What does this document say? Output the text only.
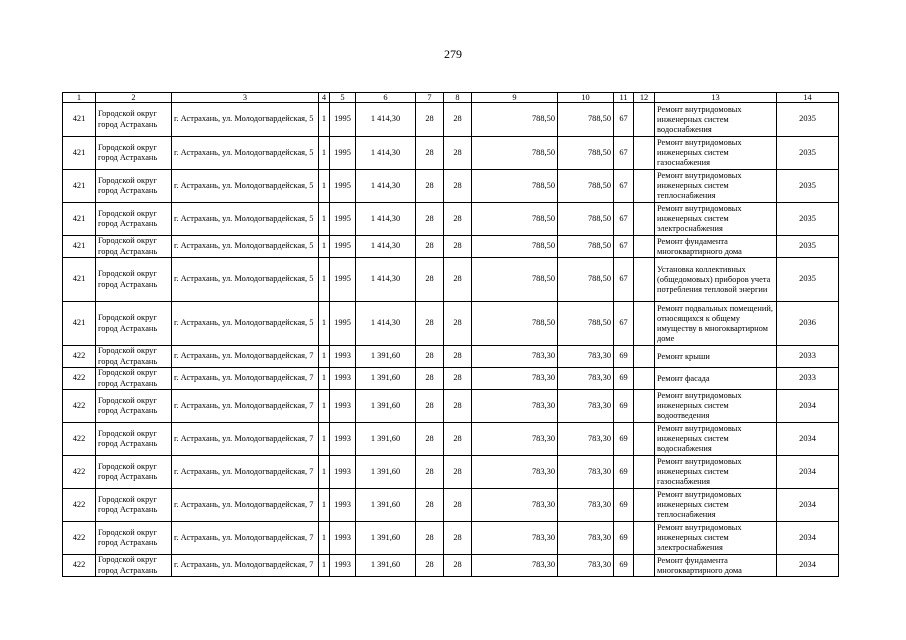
279
1	2	3	4	5	6	7	8	9	10	11	12	13	14
421	Городской округ город Астрахань	г. Астрахань, ул. Молодогвардейская, 5	1	1995	1 414,30	28	28	788,50	788,50	67		Ремонт внутридомовых инженерных систем водоснабжения	2035
421	Городской округ город Астрахань	г. Астрахань, ул. Молодогвардейская, 5	1	1995	1 414,30	28	28	788,50	788,50	67		Ремонт внутридомовых инженерных систем газоснабжения	2035
421	Городской округ город Астрахань	г. Астрахань, ул. Молодогвардейская, 5	1	1995	1 414,30	28	28	788,50	788,50	67		Ремонт внутридомовых инженерных систем теплоснабжения	2035
421	Городской округ город Астрахань	г. Астрахань, ул. Молодогвардейская, 5	1	1995	1 414,30	28	28	788,50	788,50	67		Ремонт внутридомовых инженерных систем электроснабжения	2035
421	Городской округ город Астрахань	г. Астрахань, ул. Молодогвардейская, 5	1	1995	1 414,30	28	28	788,50	788,50	67		Ремонт фундамента многоквартирного дома	2035
421	Городской округ город Астрахань	г. Астрахань, ул. Молодогвардейская, 5	1	1995	1 414,30	28	28	788,50	788,50	67		Установка коллективных (общедомовых) приборов учета потребления тепловой энергии	2035
421	Городской округ город Астрахань	г. Астрахань, ул. Молодогвардейская, 5	1	1995	1 414,30	28	28	788,50	788,50	67		Ремонт подвальных помещений, относящихся к общему имуществу в многоквартирном доме	2036
422	Городской округ город Астрахань	г. Астрахань, ул. Молодогвардейская, 7	1	1993	1 391,60	28	28	783,30	783,30	69		Ремонт крыши	2033
422	Городской округ город Астрахань	г. Астрахань, ул. Молодогвардейская, 7	1	1993	1 391,60	28	28	783,30	783,30	69		Ремонт фасада	2033
422	Городской округ город Астрахань	г. Астрахань, ул. Молодогвардейская, 7	1	1993	1 391,60	28	28	783,30	783,30	69		Ремонт внутридомовых инженерных систем водоотведения	2034
422	Городской округ город Астрахань	г. Астрахань, ул. Молодогвардейская, 7	1	1993	1 391,60	28	28	783,30	783,30	69		Ремонт внутридомовых инженерных систем водоснабжения	2034
422	Городской округ город Астрахань	г. Астрахань, ул. Молодогвардейская, 7	1	1993	1 391,60	28	28	783,30	783,30	69		Ремонт внутридомовых инженерных систем газоснабжения	2034
422	Городской округ город Астрахань	г. Астрахань, ул. Молодогвардейская, 7	1	1993	1 391,60	28	28	783,30	783,30	69		Ремонт внутридомовых инженерных систем теплоснабжения	2034
422	Городской округ город Астрахань	г. Астрахань, ул. Молодогвардейская, 7	1	1993	1 391,60	28	28	783,30	783,30	69		Ремонт внутридомовых инженерных систем электроснабжения	2034
422	Городской округ город Астрахань	г. Астрахань, ул. Молодогвардейская, 7	1	1993	1 391,60	28	28	783,30	783,30	69		Ремонт фундамента многоквартирного дома	2034
